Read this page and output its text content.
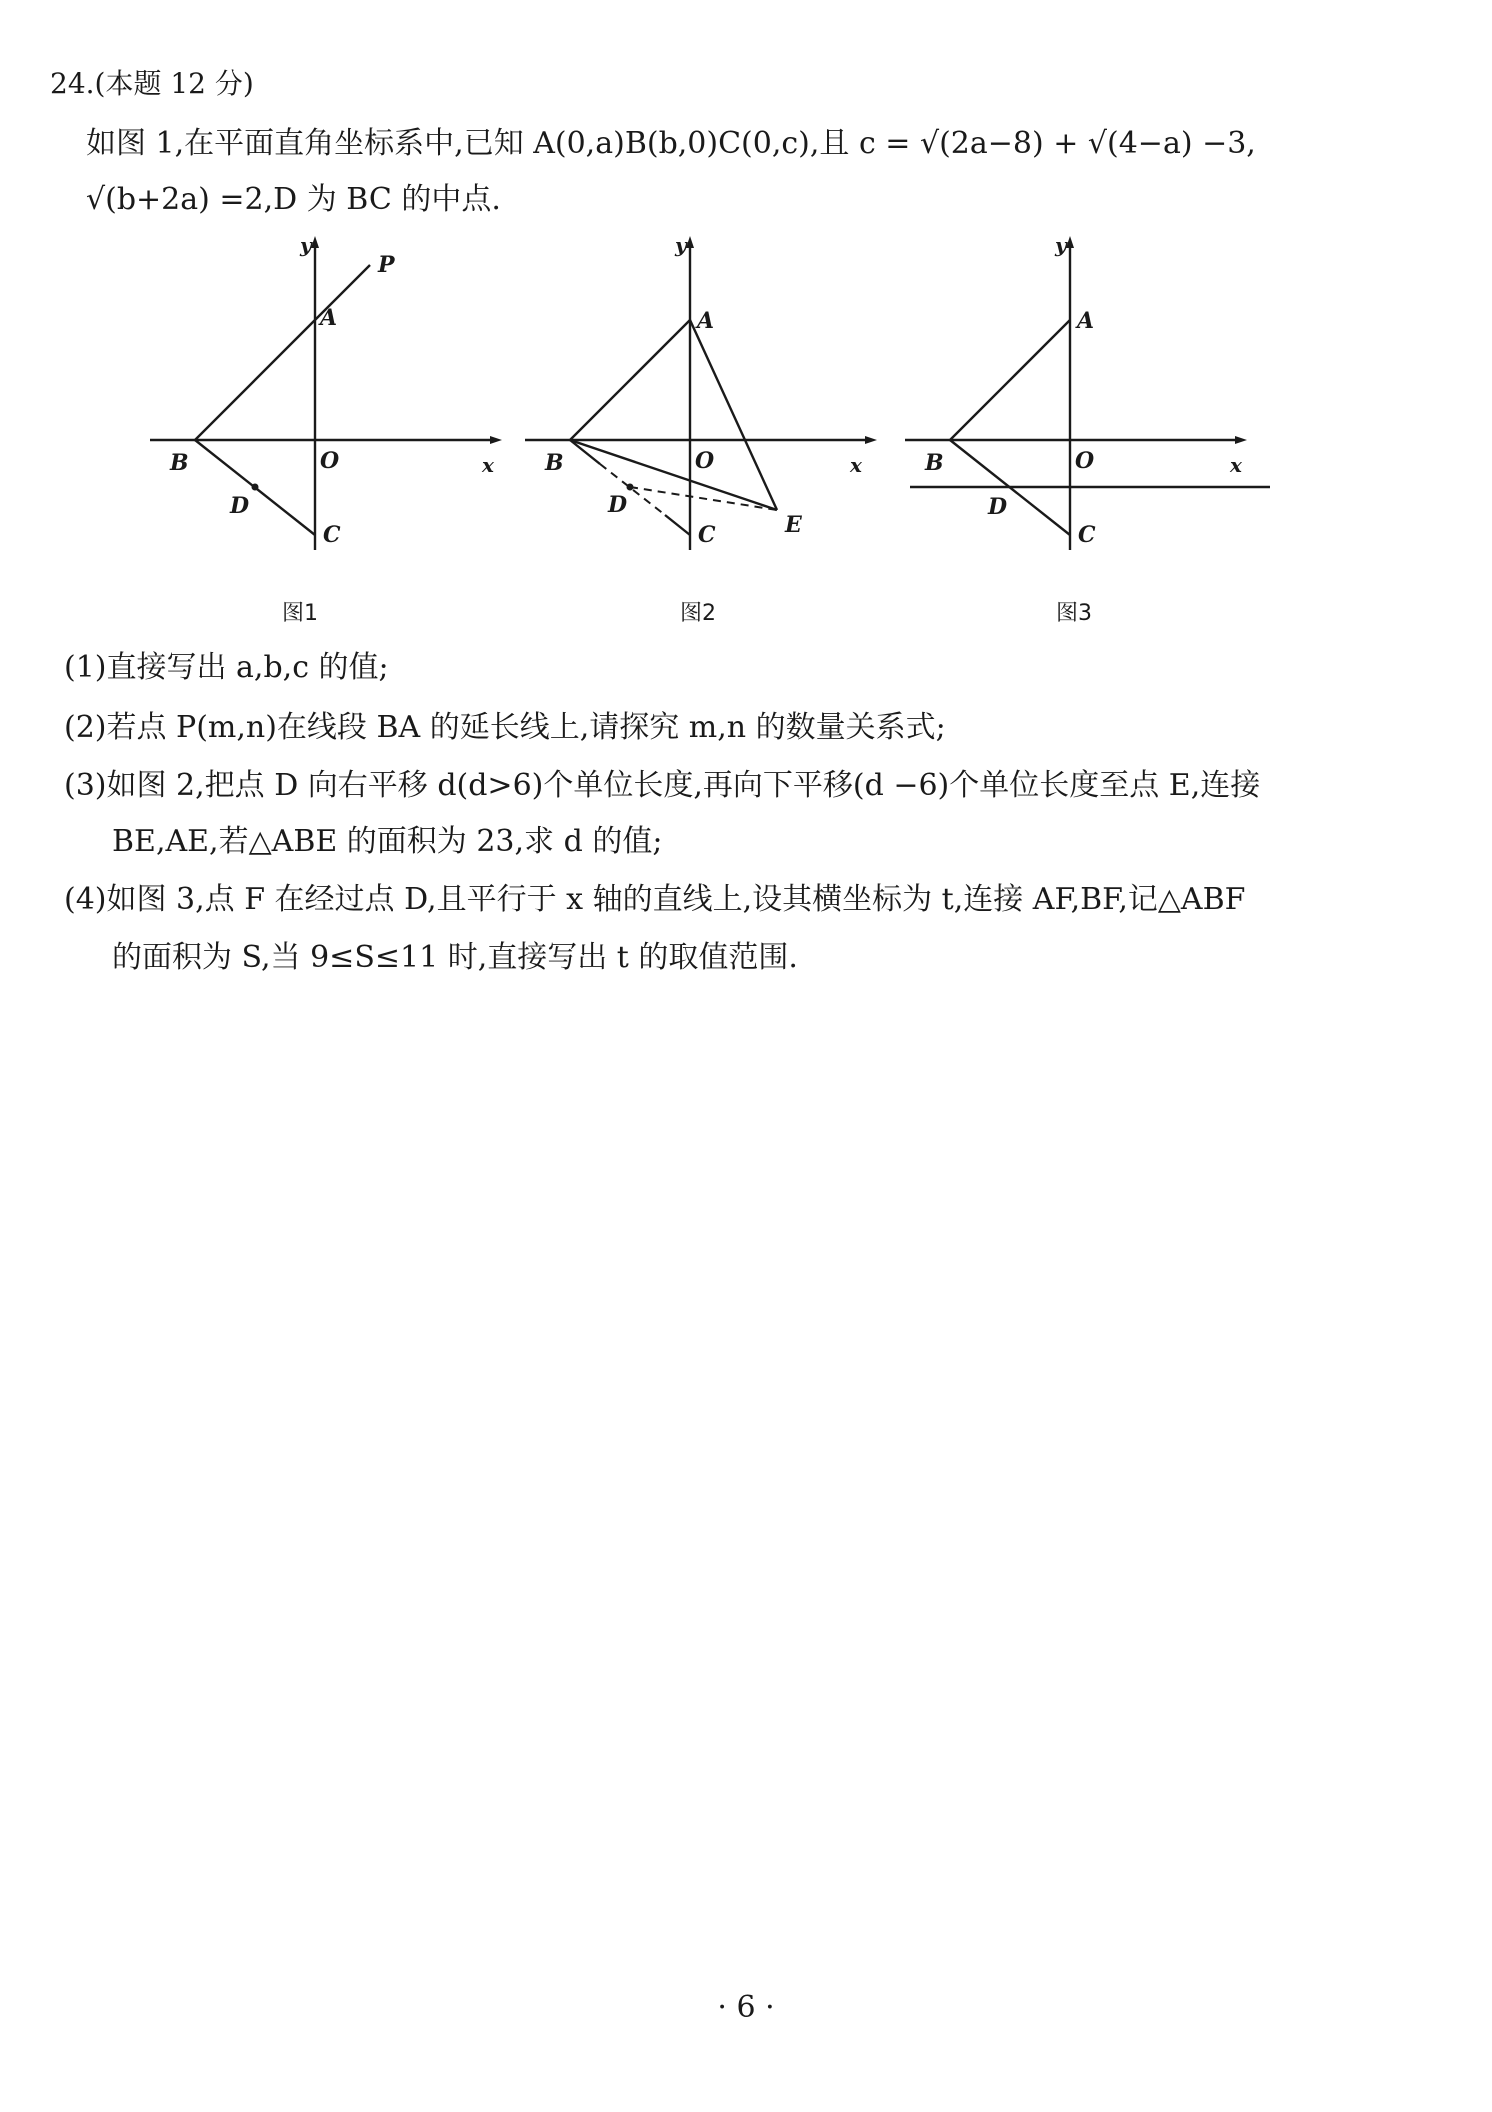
24.(本题 12 分)
如图 1,在平面直角坐标系中,已知 A(0,a)B(b,0)C(0,c),且 c = √(2a−8) + √(4−a) −3,
√(b+2a) =2,D 为 BC 的中点.
x
y
O
A
B
C
D
P
图1
x
y
O
A
B
C
D
E
图2
x
y
O
A
B
C
D
图3
(1)直接写出 a,b,c 的值;
(2)若点 P(m,n)在线段 BA 的延长线上,请探究 m,n 的数量关系式;
(3)如图 2,把点 D 向右平移 d(d>6)个单位长度,再向下平移(d −6)个单位长度至点 E,连接
BE,AE,若△ABE 的面积为 23,求 d 的值;
(4)如图 3,点 F 在经过点 D,且平行于 x 轴的直线上,设其横坐标为 t,连接 AF,BF,记△ABF
的面积为 S,当 9≤S≤11 时,直接写出 t 的取值范围.
· 6 ·
